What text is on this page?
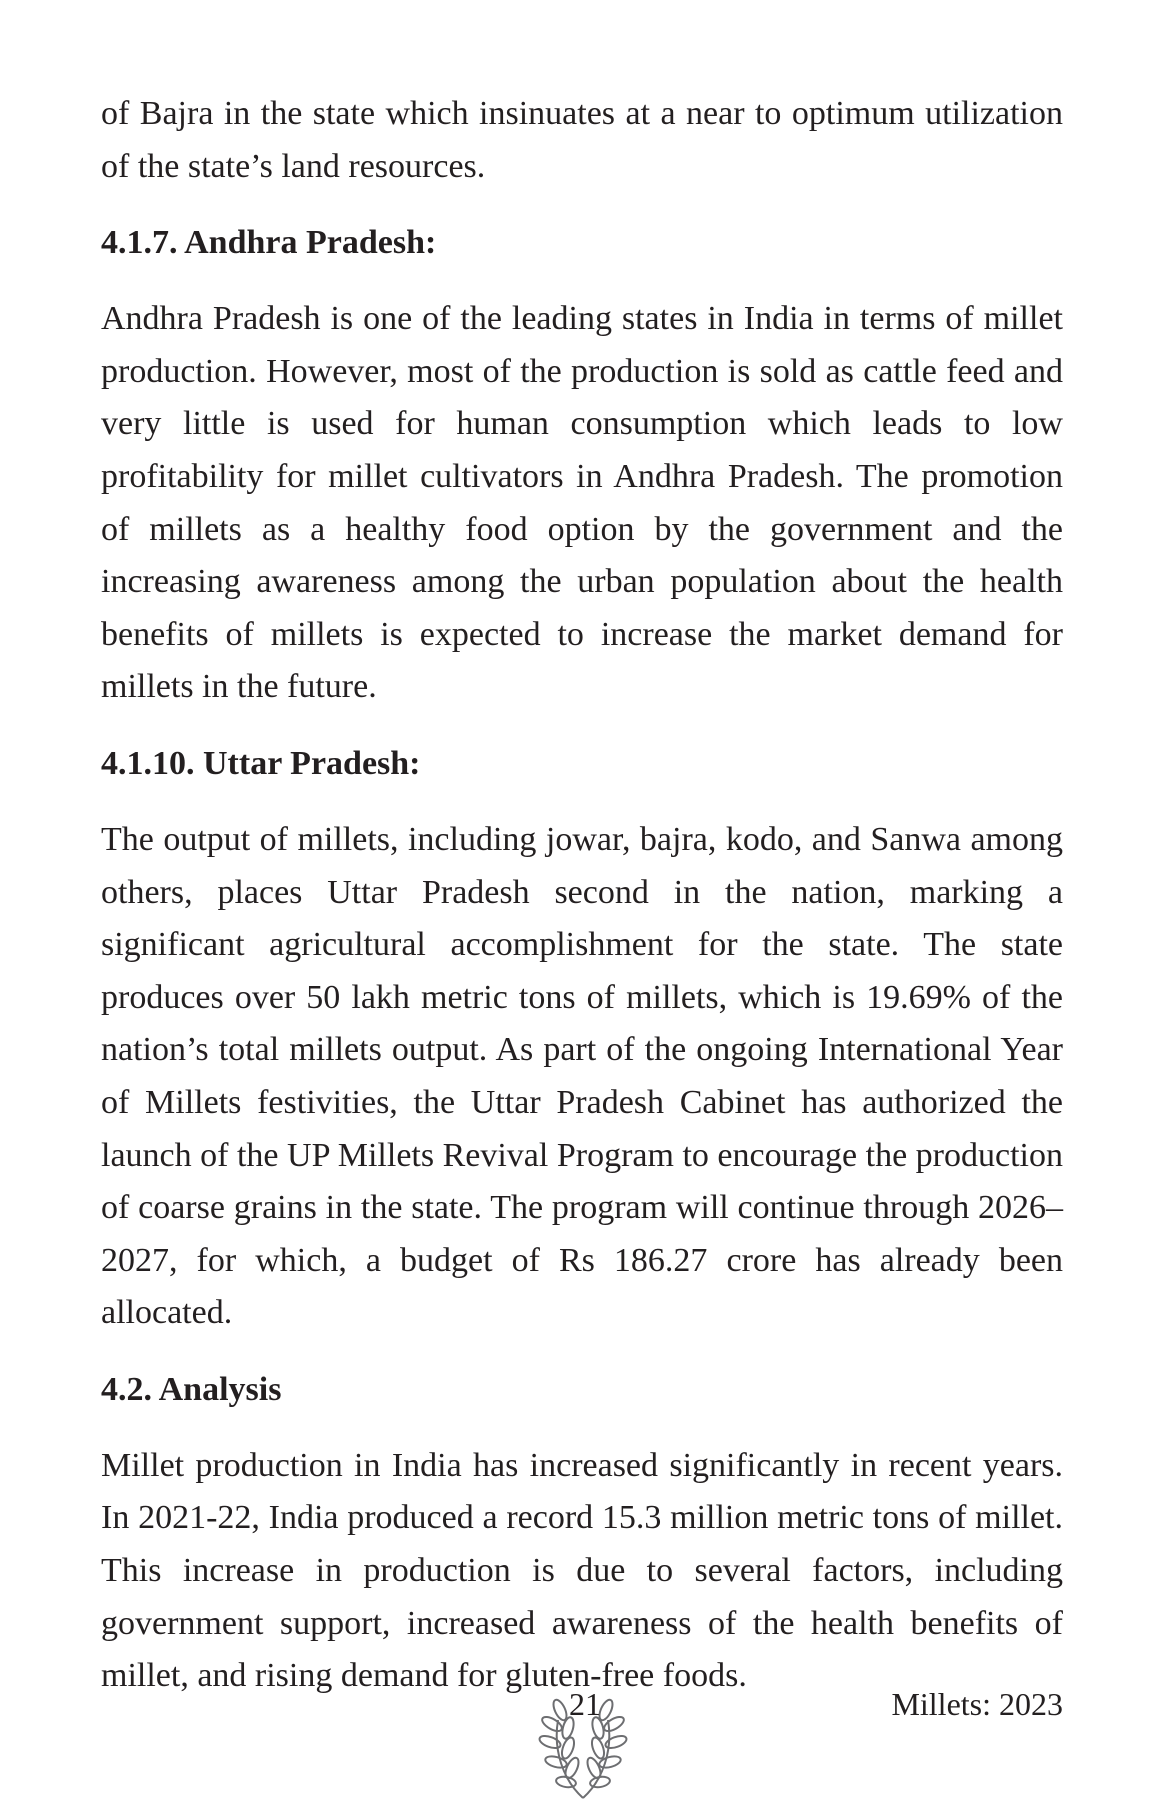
of Bajra in the state which insinuates at a near to optimum utilization of the state’s land resources.

4.1.7. Andhra Pradesh:

Andhra Pradesh is one of the leading states in India in terms of millet production. However, most of the production is sold as cattle feed and very little is used for human consumption which leads to low profitability for millet cultivators in Andhra Pradesh. The promotion of millets as a healthy food option by the government and the increasing awareness among the urban population about the health benefits of millets is expected to increase the market demand for millets in the future.

4.1.10. Uttar Pradesh:

The output of millets, including jowar, bajra, kodo, and Sanwa among others, places Uttar Pradesh second in the nation, marking a significant agricultural accomplishment for the state. The state produces over 50 lakh metric tons of millets, which is 19.69% of the nation’s total millets output. As part of the ongoing International Year of Millets festivities, the Uttar Pradesh Cabinet has authorized the launch of the UP Millets Revival Program to encourage the production of coarse grains in the state. The program will continue through 2026–2027, for which, a budget of Rs 186.27 crore has already been allocated.

4.2. Analysis

Millet production in India has increased significantly in recent years. In 2021-22, India produced a record 15.3 million metric tons of millet. This increase in production is due to several factors, including government support, increased awareness of the health benefits of millet, and rising demand for gluten-free foods.

21	Millets: 2023
